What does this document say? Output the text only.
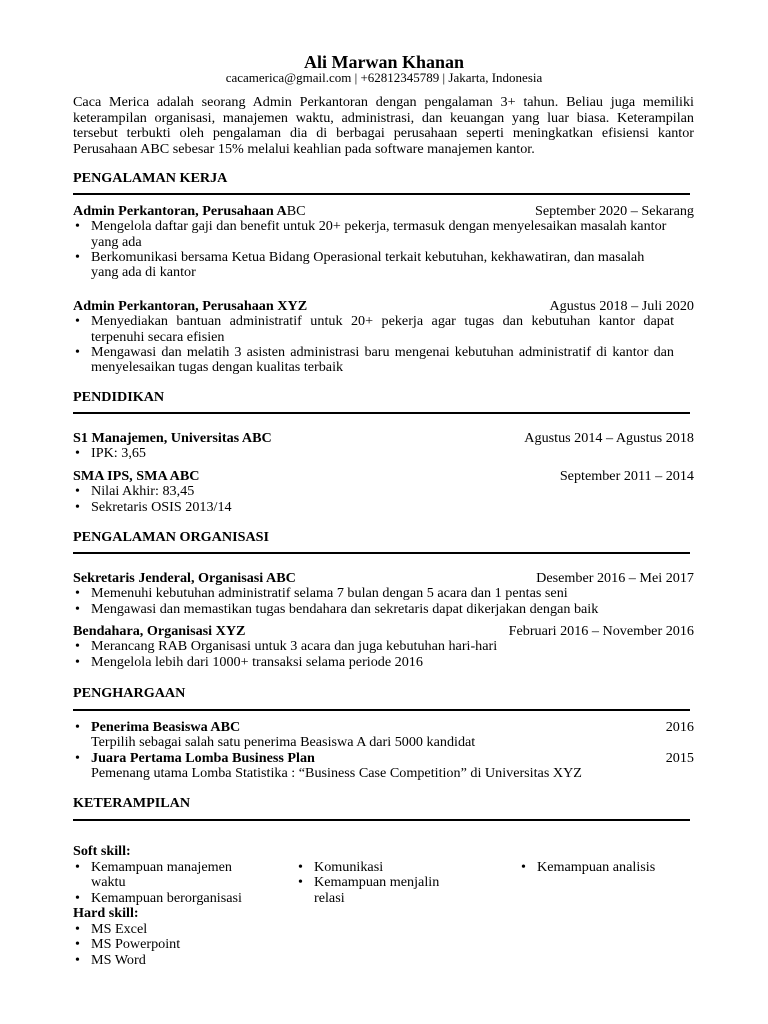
Ali Marwan Khanan
cacamerica@gmail.com | +62812345789 | Jakarta, Indonesia
Caca Merica adalah seorang Admin Perkantoran dengan pengalaman 3+ tahun. Beliau juga memiliki keterampilan organisasi, manajemen waktu, administrasi, dan keuangan yang luar biasa. Keterampilan tersebut terbukti oleh pengalaman dia di berbagai perusahaan seperti meningkatkan efisiensi kantor Perusahaan ABC sebesar 15% melalui keahlian pada software manajemen kantor.
PENGALAMAN KERJA
Admin Perkantoran, Perusahaan ABC	September 2020 – Sekarang
• Mengelola daftar gaji dan benefit untuk 20+ pekerja, termasuk dengan menyelesaikan masalah kantor yang ada
• Berkomunikasi bersama Ketua Bidang Operasional terkait kebutuhan, kekhawatiran, dan masalah yang ada di kantor
Admin Perkantoran, Perusahaan XYZ	Agustus 2018 – Juli 2020
• Menyediakan bantuan administratif untuk 20+ pekerja agar tugas dan kebutuhan kantor dapat terpenuhi secara efisien
• Mengawasi dan melatih 3 asisten administrasi baru mengenai kebutuhan administratif di kantor dan menyelesaikan tugas dengan kualitas terbaik
PENDIDIKAN
S1 Manajemen, Universitas ABC	Agustus 2014 – Agustus 2018
• IPK: 3,65
SMA IPS, SMA ABC	September 2011 – 2014
• Nilai Akhir: 83,45
• Sekretaris OSIS 2013/14
PENGALAMAN ORGANISASI
Sekretaris Jenderal, Organisasi ABC	Desember 2016 – Mei 2017
• Memenuhi kebutuhan administratif selama 7 bulan dengan 5 acara dan 1 pentas seni
• Mengawasi dan memastikan tugas bendahara dan sekretaris dapat dikerjakan dengan baik
Bendahara, Organisasi XYZ	Februari 2016 – November 2016
• Merancang RAB Organisasi untuk 3 acara dan juga kebutuhan hari-hari
• Mengelola lebih dari 1000+ transaksi selama periode 2016
PENGHARGAAN
• Penerima Beasiswa ABC	2016
Terpilih sebagai salah satu penerima Beasiswa A dari 5000 kandidat
• Juara Pertama Lomba Business Plan	2015
Pemenang utama Lomba Statistika : “Business Case Competition” di Universitas XYZ
KETERAMPILAN
Soft skill:
• Kemampuan manajemen waktu
• Kemampuan berorganisasi
• Komunikasi
• Kemampuan menjalin relasi
• Kemampuan analisis
Hard skill:
• MS Excel
• MS Powerpoint
• MS Word
